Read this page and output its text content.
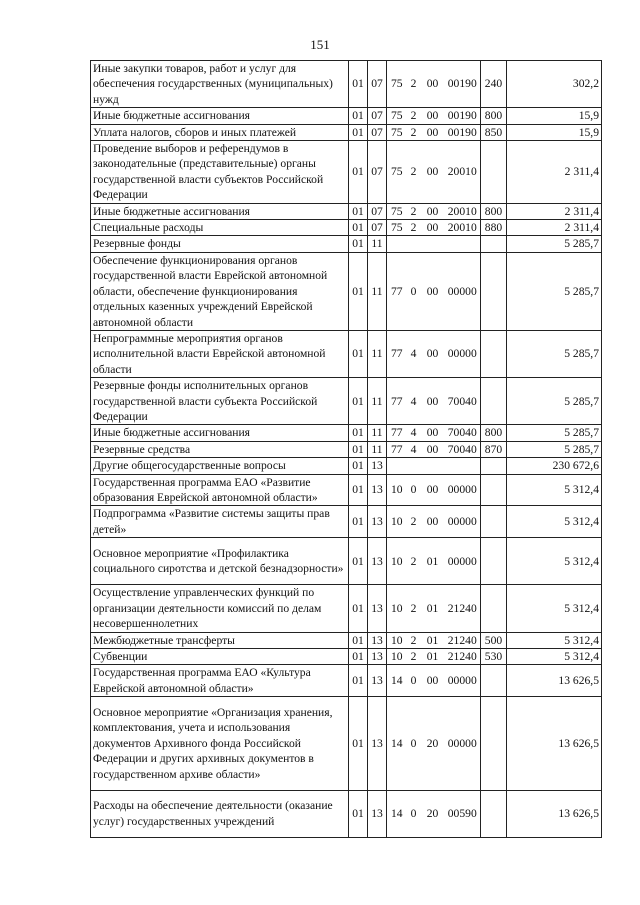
151
Иные закупки товаров, работ и услуг для обеспечения государственных (муниципальных) нужд	01	07	75	2	00	00190	240	302,2
Иные бюджетные ассигнования	01	07	75	2	00	00190	800	15,9
Уплата налогов, сборов и иных платежей	01	07	75	2	00	00190	850	15,9
Проведение выборов и референдумов в законодательные (представительные) органы государственной власти субъектов Российской Федерации	01	07	75	2	00	20010		2 311,4
Иные бюджетные ассигнования	01	07	75	2	00	20010	800	2 311,4
Специальные расходы	01	07	75	2	00	20010	880	2 311,4
Резервные фонды	01	11						5 285,7
Обеспечение функционирования органов государственной власти Еврейской автономной области, обеспечение функционирования отдельных казенных учреждений Еврейской автономной области	01	11	77	0	00	00000		5 285,7
Непрограммные мероприятия органов исполнительной власти Еврейской автономной области	01	11	77	4	00	00000		5 285,7
Резервные фонды исполнительных органов государственной власти субъекта Российской Федерации	01	11	77	4	00	70040		5 285,7
Иные бюджетные ассигнования	01	11	77	4	00	70040	800	5 285,7
Резервные средства	01	11	77	4	00	70040	870	5 285,7
Другие общегосударственные вопросы	01	13						230 672,6
Государственная программа ЕАО «Развитие образования Еврейской автономной области»	01	13	10	0	00	00000		5 312,4
Подпрограмма «Развитие системы защиты прав детей»	01	13	10	2	00	00000		5 312,4
Основное мероприятие «Профилактика социального сиротства и детской безнадзорности»	01	13	10	2	01	00000		5 312,4
Осуществление управленческих функций по организации деятельности комиссий по делам несовершеннолетних	01	13	10	2	01	21240		5 312,4
Межбюджетные трансферты	01	13	10	2	01	21240	500	5 312,4
Субвенции	01	13	10	2	01	21240	530	5 312,4
Государственная программа ЕАО «Культура Еврейской автономной области»	01	13	14	0	00	00000		13 626,5
Основное мероприятие «Организация хранения, комплектования, учета и использования документов Архивного фонда Российской Федерации и других архивных документов в государственном архиве области»	01	13	14	0	20	00000		13 626,5
Расходы на обеспечение деятельности (оказание услуг) государственных учреждений	01	13	14	0	20	00590		13 626,5
